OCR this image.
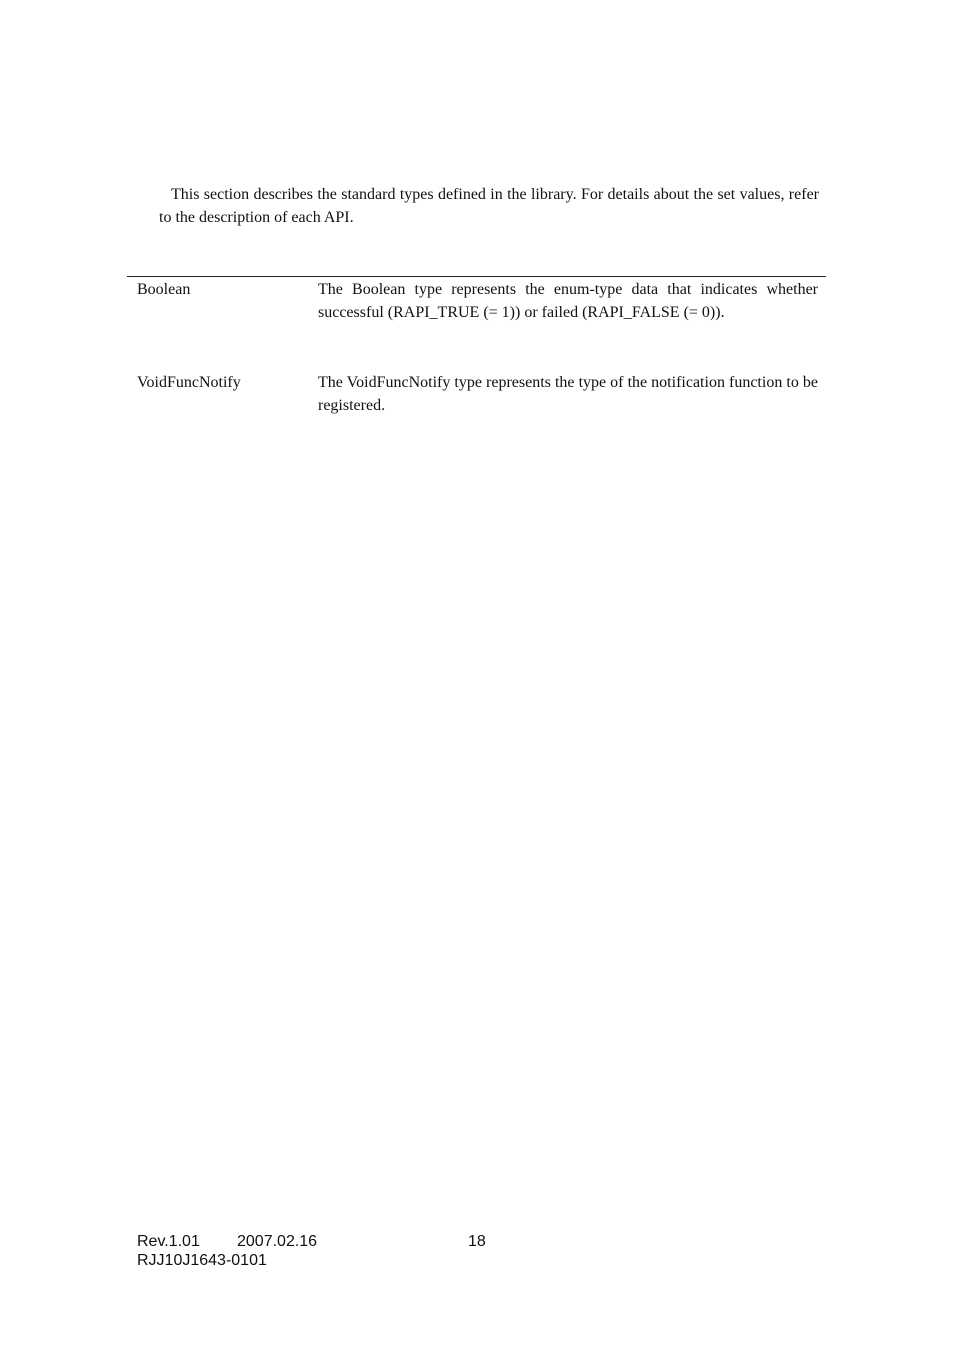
This section describes the standard types defined in the library. For details about the set values, refer to the description of each API.

Boolean	The Boolean type represents the enum-type data that indicates whether successful (RAPI_TRUE (= 1)) or failed (RAPI_FALSE (= 0)).
VoidFuncNotify	The VoidFuncNotify type represents the type of the notification function to be registered.
Rev.1.01 2007.02.16
RJJ10J1643-0101
18
